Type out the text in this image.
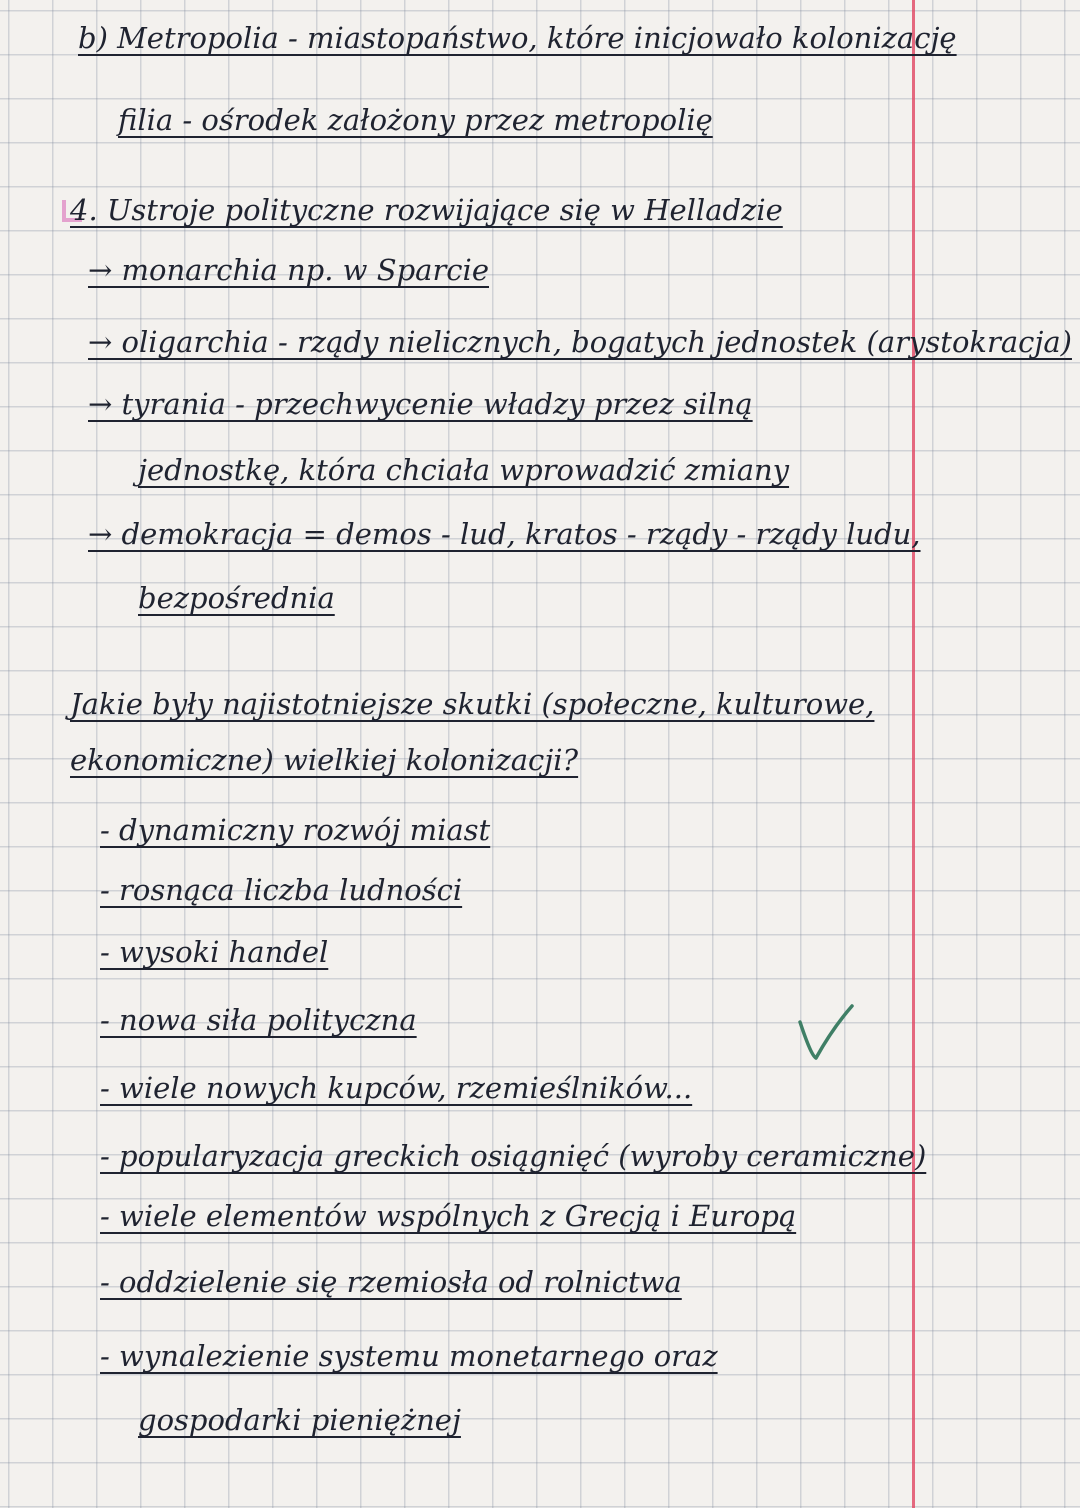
b) Metropolia - miastopaństwo, które inicjowało kolonizację
filia - ośrodek założony przez metropolię
4. Ustroje polityczne rozwijające się w Helladzie
→ monarchia np. w Sparcie
→ oligarchia - rządy nielicznych, bogatych jednostek (arystokracja)
→ tyrania - przechwycenie władzy przez silną
jednostkę, która chciała wprowadzić zmiany
→ demokracja = demos - lud, kratos - rządy - rządy ludu,
bezpośrednia
Jakie były najistotniejsze skutki (społeczne, kulturowe,
ekonomiczne) wielkiej kolonizacji?
- dynamiczny rozwój miast
- rosnąca liczba ludności
- wysoki handel
- nowa siła polityczna
- wiele nowych kupców, rzemieślników...
- popularyzacja greckich osiągnięć (wyroby ceramiczne)
- wiele elementów wspólnych z Grecją i Europą
- oddzielenie się rzemiosła od rolnictwa
- wynalezienie systemu monetarnego oraz
gospodarki pieniężnej
